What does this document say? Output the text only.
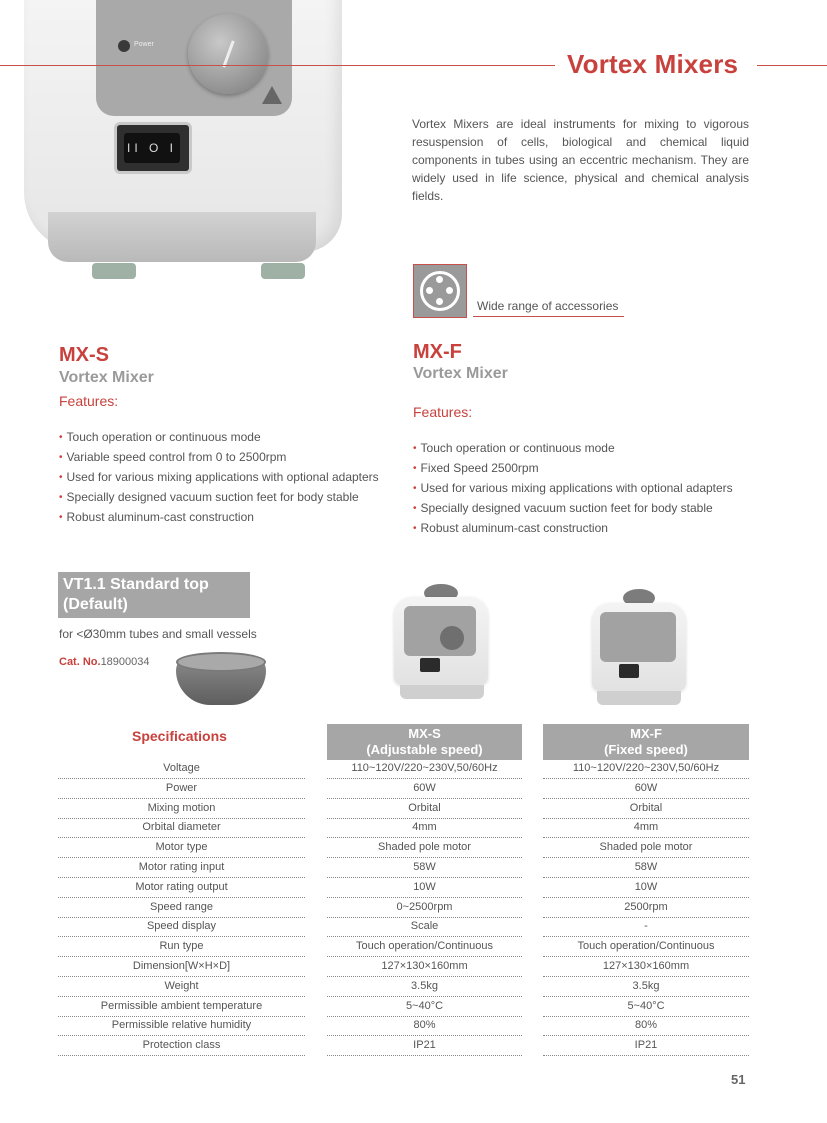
Power
II O I
Vortex Mixers
Vortex Mixers are ideal instruments for mixing to vigorous resuspension of cells, biological and chemical liquid components in tubes using an eccentric mechanism. They are widely used in life science, physical and chemical analysis fields.
Wide range of accessories
MX-S
Vortex Mixer
Features:
• Touch operation or continuous mode
• Variable speed control from 0 to 2500rpm
• Used for various mixing applications with optional adapters
• Specially designed vacuum suction feet for body stable
• Robust aluminum-cast construction
MX-F
Vortex Mixer
Features:
• Touch operation or continuous mode
• Fixed Speed 2500rpm
• Used for various mixing applications with optional adapters
• Specially designed vacuum suction feet for body stable
• Robust aluminum-cast construction
VT1.1 Standard top
(Default)
for <Ø30mm tubes and small vessels
Cat. No.18900034
Specifications	MX-S
(Adjustable speed)
MX-F
(Fixed speed)
Voltage	110~120V/220~230V,50/60Hz	110~120V/220~230V,50/60Hz
Power	60W	60W
Mixing motion	Orbital	Orbital
Orbital diameter	4mm	4mm
Motor type	Shaded pole motor	Shaded pole motor
Motor rating input	58W	58W
Motor rating output	10W	10W
Speed range	0~2500rpm	2500rpm
Speed display	Scale	-
Run type	Touch operation/Continuous	Touch operation/Continuous
Dimension[W×H×D]	127×130×160mm	127×130×160mm
Weight	3.5kg	3.5kg
Permissible ambient temperature	5~40°C	5~40°C
Permissible relative humidity	80%	80%
Protection class	IP21	IP21
51
